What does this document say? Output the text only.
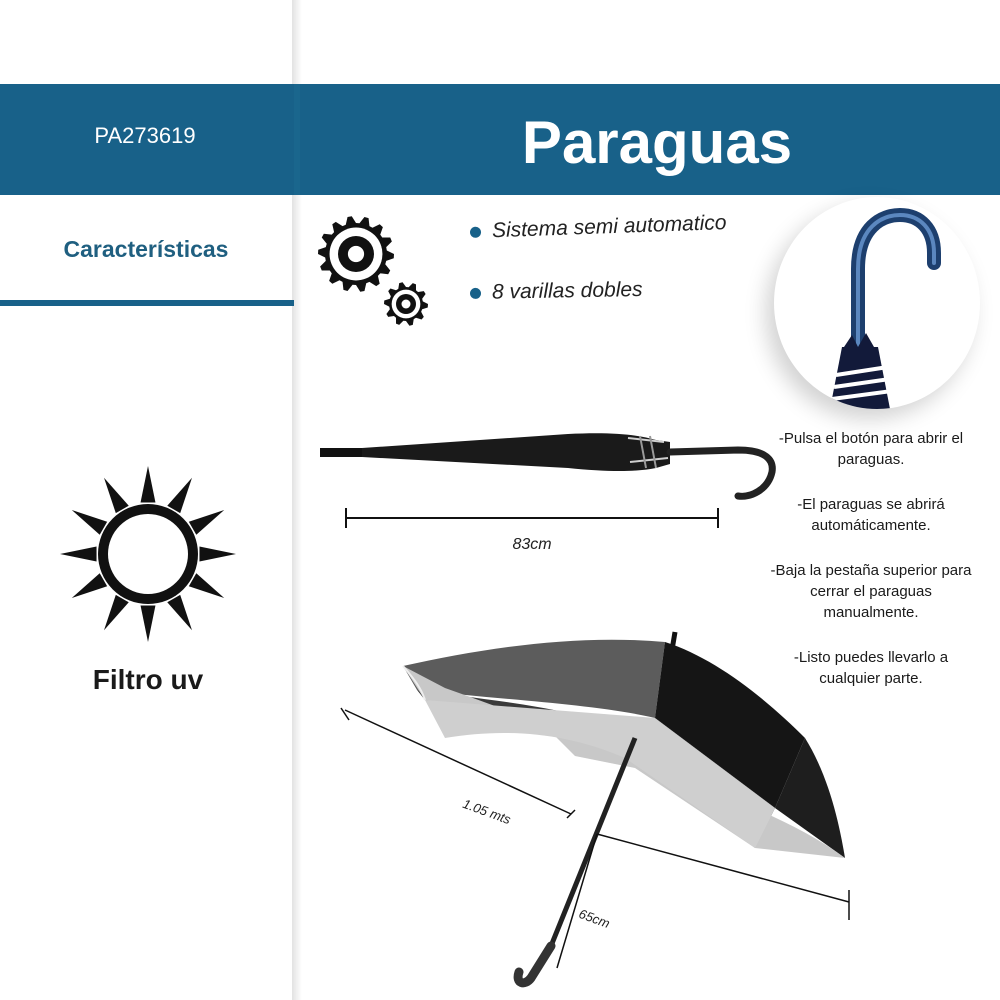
PA273619	Paraguas
Características
Filtro uv
Sistema semi automatico
8 varillas dobles

-Pulsa el botón para abrir el paraguas.

-El paraguas se abrirá automáticamente.

-Baja la pestaña superior para cerrar el paraguas manualmente.

-Listo puedes llevarlo a cualquier parte.

83cm
1.05 mts
65cm
